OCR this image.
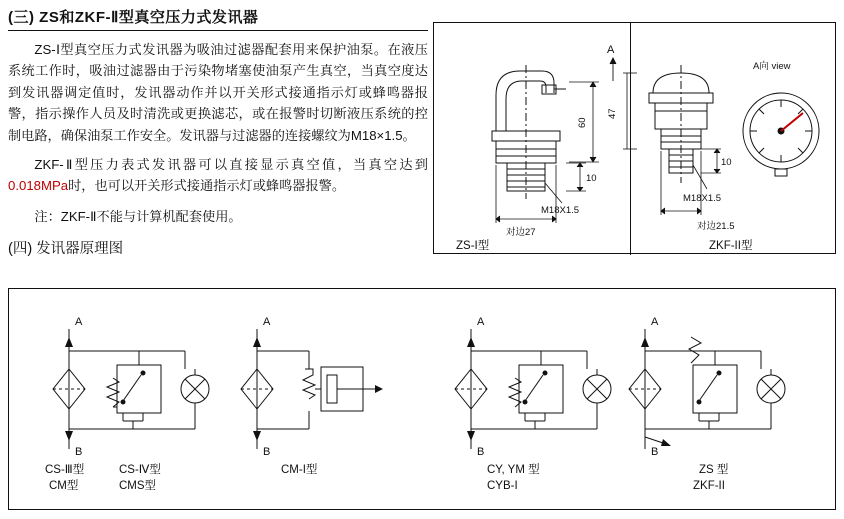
(三) ZS和ZKF-Ⅱ型真空压力式发讯器
ZS-Ⅰ型真空压力式发讯器为吸油过滤器配套用来保护油泵。在液压系统工作时，吸油过滤器由于污染物堵塞使油泵产生真空，当真空度达到发讯器调定值时，发讯器动作并以开关形式接通指示灯或蜂鸣器报警，指示操作人员及时清洗或更换滤芯，或在报警时切断液压系统的控制电路，确保油泵工作安全。发讯器与过滤器的连接螺纹为M18×1.5。
ZKF-Ⅱ型压力表式发讯器可以直接显示真空值，当真空达到0.018MPa时，也可以开关形式接通指示灯或蜂鸣器报警。
注：ZKF-Ⅱ不能与计算机配套使用。
(四) 发讯器原理图
10
M18X1.5
对边27
ZS-I型
A
47
10
M18X1.5
对边21.5
A向 view
ZKF-II型
60
A
B
CS-Ⅲ型	CS-Ⅳ型
CM型	CMS型
A
B
CM-I型
A
B
CY, YM 型
CYB-I
A
B
ZS 型
ZKF-II
